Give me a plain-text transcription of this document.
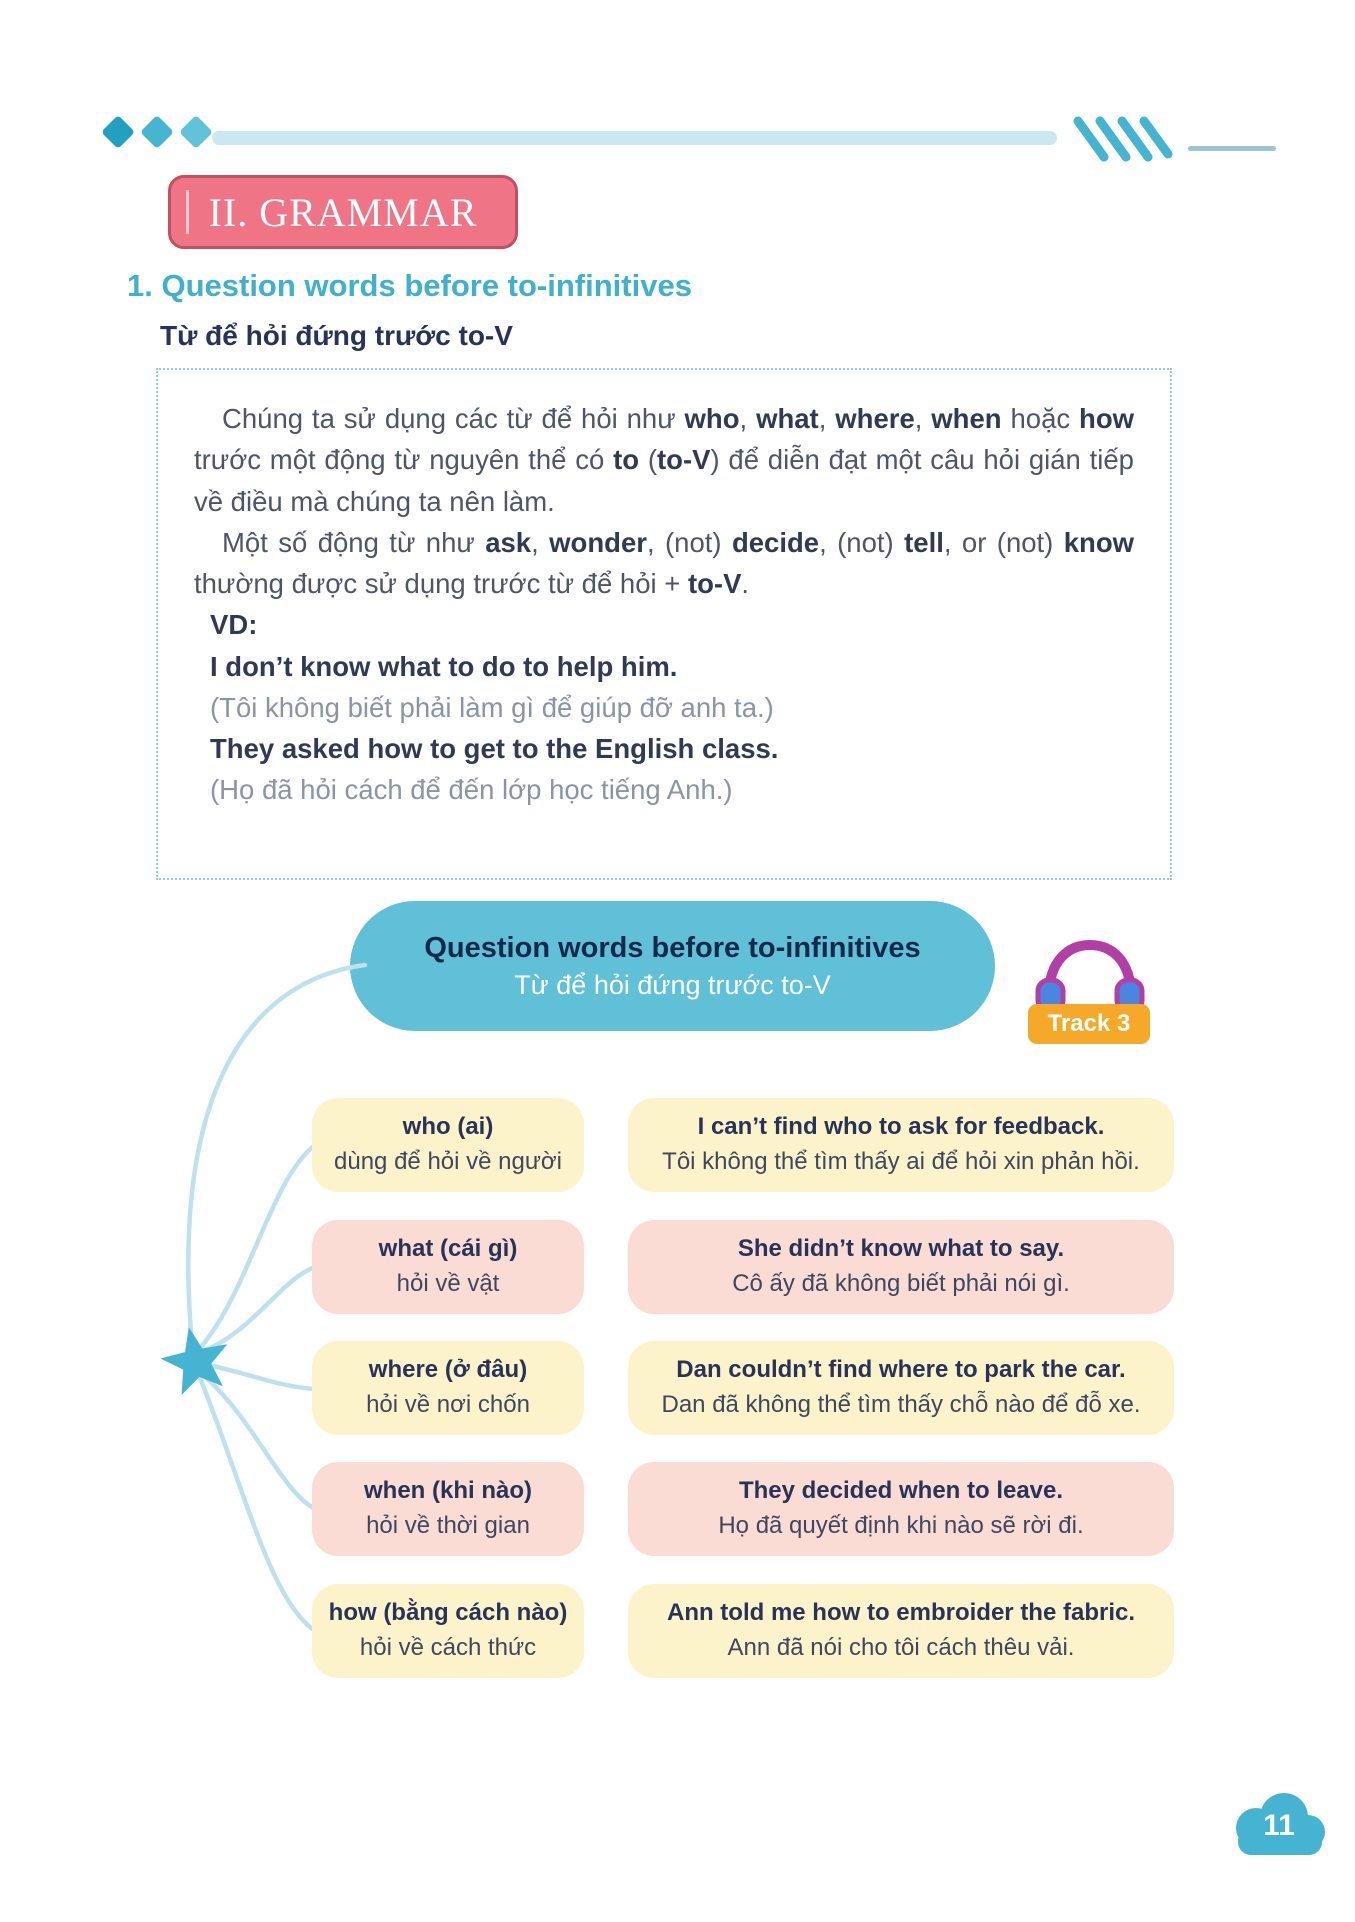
II. GRAMMAR
1. Question words before to-infinitives
Từ để hỏi đứng trước to-V

Chúng ta sử dụng các từ để hỏi như who, what, where, when hoặc how trước một động từ nguyên thể có to (to-V) để diễn đạt một câu hỏi gián tiếp về điều mà chúng ta nên làm.

Một số động từ như ask, wonder, (not) decide, (not) tell, or (not) know thường được sử dụng trước từ để hỏi + to-V.

VD:

I don’t know what to do to help him.

(Tôi không biết phải làm gì để giúp đỡ anh ta.)

They asked how to get to the English class.

(Họ đã hỏi cách để đến lớp học tiếng Anh.)

Question words before to-infinitives
Từ để hỏi đứng trước to-V
Track 3
who (ai)
dùng để hỏi về người
I can’t find who to ask for feedback.
Tôi không thể tìm thấy ai để hỏi xin phản hồi.
what (cái gì)
hỏi về vật
She didn’t know what to say.
Cô ấy đã không biết phải nói gì.
where (ở đâu)
hỏi về nơi chốn
Dan couldn’t find where to park the car.
Dan đã không thể tìm thấy chỗ nào để đỗ xe.
when (khi nào)
hỏi về thời gian
They decided when to leave.
Họ đã quyết định khi nào sẽ rời đi.
how (bằng cách nào)
hỏi về cách thức
Ann told me how to embroider the fabric.
Ann đã nói cho tôi cách thêu vải.
11
